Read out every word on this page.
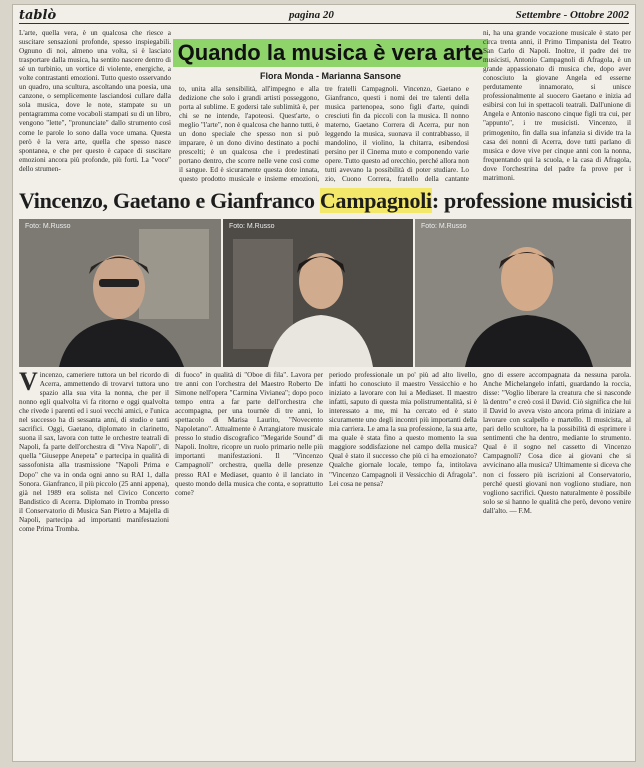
tablò	pagina 20	Settembre - Ottobre 2002

L'arte, quella vera, è un qualcosa che riesce a suscitare sensazioni profonde, spesso inspiegabili. Ognuno di noi, almeno una volta, si è lasciato trasportare dalla musica, ha sentito nascere dentro di sé un turbinio, un vortice di violente, energiche, a volte contrastanti emozioni. Tutto questo osservando un quadro, una scultura, ascoltando una poesia, una canzone, o semplicemente lasciandosi cullare dalla sola musica, dove le note, stampate su un pentagramma come vocaboli stampati su di un libro, vengono "lette", "pronunciate" dallo strumento così come le parole lo sono dalla voce umana. Questa però è la vera arte, quella che spesso nasce spontanea, e che per questo è capace di suscitare emozioni ancora più profonde, più forti. La "voce" dello strumen-

Quando la musica è vera arte
Flora Monda - Marianna Sansone

to, unita alla sensibilità, all'impegno e alla dedizione che solo i grandi artisti posseggono, porta al sublime. E godersi tale sublimità è, per chi se ne intende, l'apoteosi. Quest'arte, o meglio "l'arte", non è qualcosa che hanno tutti, è un dono speciale che spesso non si può imparare, è un dono divino destinato a pochi prescelti; è un qualcosa che i predestinati portano dentro, che scorre nelle vene così come il sangue. Ed è sicuramente questa dote innata, questo prodotto musicale e insieme emozioni,

tre fratelli Campagnoli. Vincenzo, Gaetano e Gianfranco, questi i nomi dei tre talenti della musica partenopea, sono figli d'arte, quindi cresciuti fin da piccoli con la musica. Il nonno materno, Gaetano Correra di Acerra, pur non leggendo la musica, suonava il contrabbasso, il mandolino, il violino, la chitarra, esibendosi persino per il Cinema muto e componendo varie opere. Tutto questo ad orecchio, perché allora non tutti avevano la possibilità di poter studiare. Lo zio, Cuono Correra, fratello della cantante

ni, ha una grande vocazione musicale è stato per circa trenta anni, il Primo Timpanista del Teatro San Carlo di Napoli. Inoltre, il padre dei tre musicisti, Antonio Campagnoli di Afragola, è un grande appassionato di musica che, dopo aver conosciuto la giovane Angela ed esserne perdutamente innamorato, si unisce professionalmente al suocero Gaetano e inizia ad esibirsi con lui in spettacoli teatrali. Dall'unione di Angela e Antonio nascono cinque figli tra cui, per "appunto", i tre musicisti. Vincenzo, il primogenito, fin dalla sua infanzia si divide tra la casa dei nonni di Acerra, dove tutti parlano di musica e dove vive per cinque anni con la nonna, frequentando qui la scuola, e la casa di Afragola, dove l'orchestrina del padre fa prove per i matrimoni.

Vincenzo, Gaetano e Gianfranco Campagnoli: professione musicisti
Foto: M.Russo	Foto: M.Russo	Foto: M.Russo
V incenzo, cameriere tuttora un bel ricordo di Acerra, ammettendo di trovarvi tuttora uno spazio alla sua vita la nonna, che per il nonno egli qualvolta vi fa ritorno e oggi qualvolta che rivede i parenti ed i suoi vecchi amici, e l'unica nel successo ha di sessanta anni, di studio e tanti sacrifici. Oggi, Gaetano, diplomato in clarinetto, suona il sax, lavora con tutte le orchestre teatrali di Napoli, fa parte dell'orchestra di "Viva Napoli", di quella "Giuseppe Anepeta" e partecipa in qualità di sassofonista alla trasmissione "Napoli Prima e Dopo" che va in onda ogni anno su RAI 1, dalla Sonora. Gianfranco, il più piccolo (25 anni appena), già nel 1989 era solista nel Civico Concerto Bandistico di Acerra. Diplomato in Tromba presso il Conservatorio di Musica San Pietro a Majella di Napoli, partecipa ad importanti manifestazioni come Prima Tromba.

di fuoco" in qualità di "Oboe di fila". Lavora per tre anni con l'orchestra del Maestro Roberto De Simone nell'opera "Carmina Vivianea"; dopo poco tempo entra a far parte dell'orchestra che accompagna, per una tournée di tre anni, lo spettacolo di Marisa Laurito, "Novecento Napoletano". Attualmente è Arrangiatore musicale presso lo studio discografico "Megaride Sound" di Napoli. Inoltre, ricopre un ruolo primario nelle più importanti manifestazioni. Il "Vincenzo Campagnoli" orchestra, quella delle presenze presso RAI e Mediaset, quanto è il lanciato in questo mondo della musica che conta, e soprattutto come?

periodo professionale un po' più ad alto livello, infatti ho conosciuto il maestro Vessicchio e ho iniziato a lavorare con lui a Mediaset. Il maestro infatti, saputo di questa mia polistrumentalità, si è interessato a me, mi ha cercato ed è stato sicuramente uno degli incontri più importanti della mia carriera. Le ama la sua professione, la sua arte, ma quale è stata fino a questo momento la sua maggiore soddisfazione nel campo della musica? Qual è stato il successo che più ci ha emozionato? Qualche giornale locale, tempo fa, intitolava "Vincenzo Campagnoli il Vessicchio di Afragola". Lei cosa ne pensa?

gno di essere accompagnata da nessuna parola. Anche Michelangelo infatti, guardando la roccia, disse: "Voglio liberare la creatura che si nasconde là dentro" e creò così il David. Ciò significa che lui il David lo aveva visto ancora prima di iniziare a lavorare con scalpello e martello. Il musicista, al pari dello scultore, ha la possibilità di esprimere i sentimenti che ha dentro, mediante lo strumento. Qual è il sogno nel cassetto di Vincenzo Campagnoli? Cosa dice ai giovani che si avvicinano alla musica? Ultimamente si diceva che non ci fossero più iscrizioni al Conservatorio, perché questi giovani non vogliono studiare, non vogliono sacrifici. Questo naturalmente è possibile solo se si hanno le qualità che però, devono venire dall'alto. — F.M.
